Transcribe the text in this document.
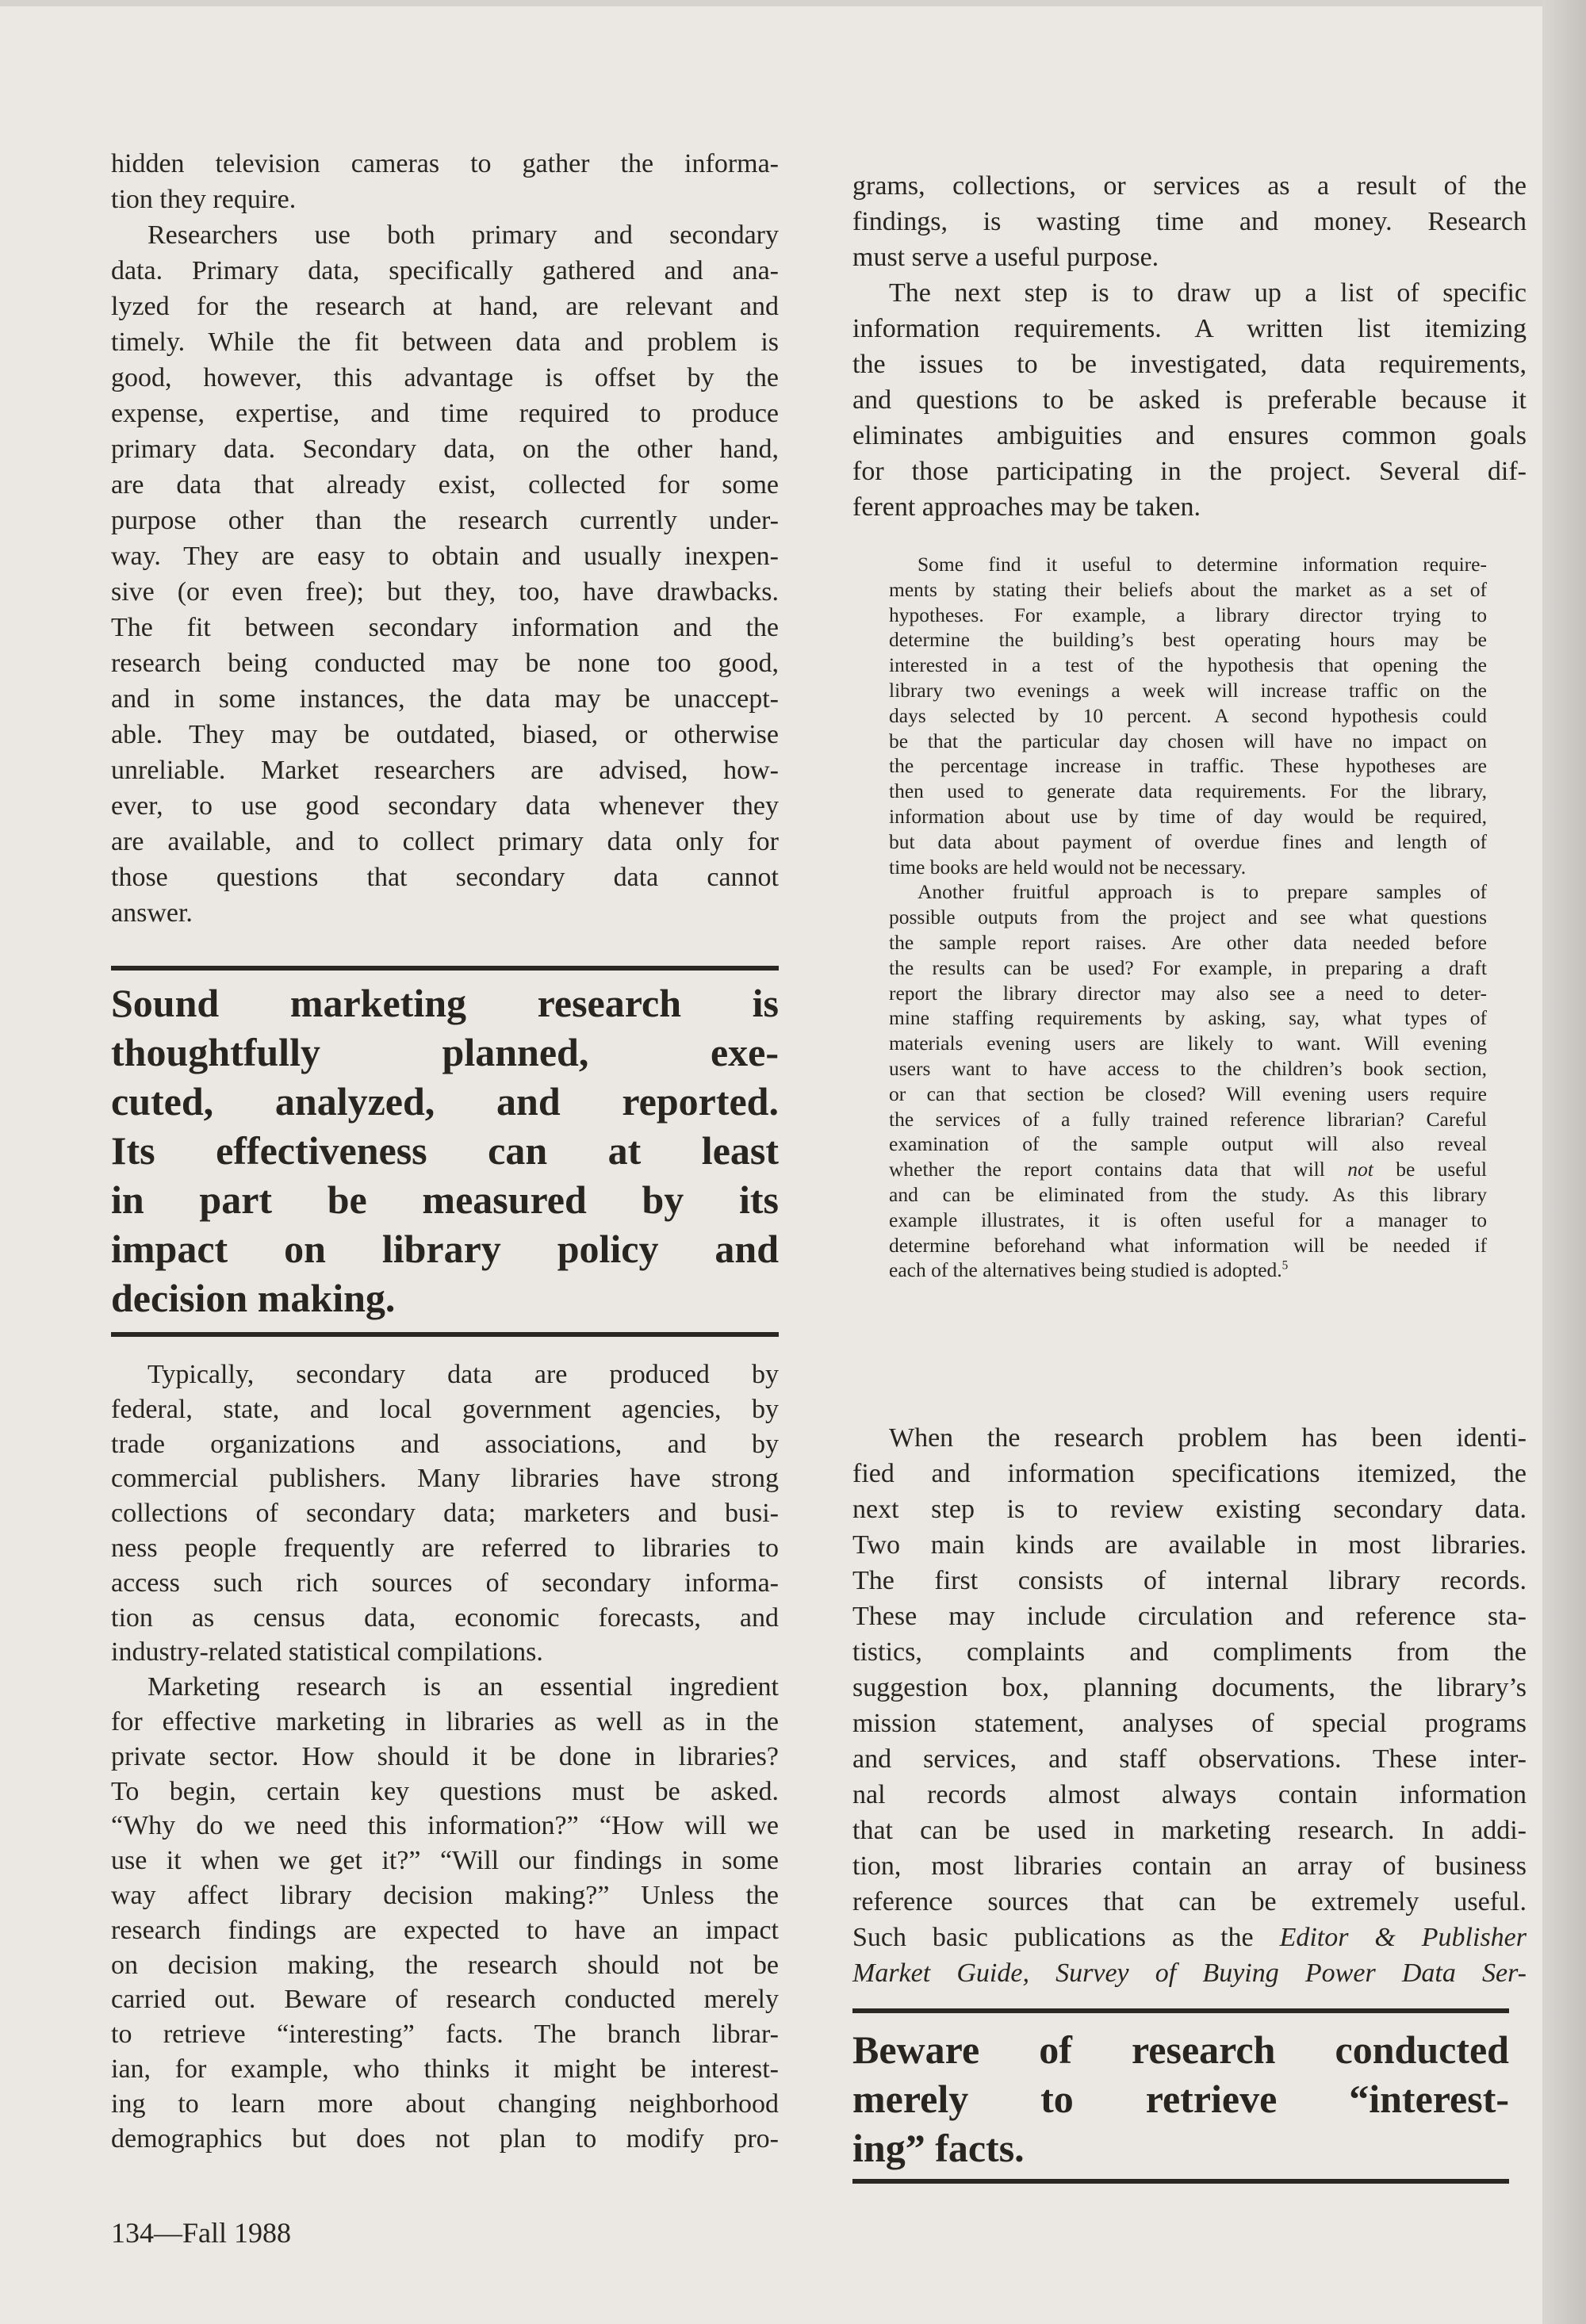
hidden television cameras to gather the informa-
tion they require.
Researchers use both primary and secondary
data. Primary data, specifically gathered and ana-
lyzed for the research at hand, are relevant and
timely. While the fit between data and problem is
good, however, this advantage is offset by the
expense, expertise, and time required to produce
primary data. Secondary data, on the other hand,
are data that already exist, collected for some
purpose other than the research currently under-
way. They are easy to obtain and usually inexpen-
sive (or even free); but they, too, have drawbacks.
The fit between secondary information and the
research being conducted may be none too good,
and in some instances, the data may be unaccept-
able. They may be outdated, biased, or otherwise
unreliable. Market researchers are advised, how-
ever, to use good secondary data whenever they
are available, and to collect primary data only for
those questions that secondary data cannot
answer.
Sound marketing research is
thoughtfully planned, exe-
cuted, analyzed, and reported.
Its effectiveness can at least
in part be measured by its
impact on library policy and
decision making.
Typically, secondary data are produced by
federal, state, and local government agencies, by
trade organizations and associations, and by
commercial publishers. Many libraries have strong
collections of secondary data; marketers and busi-
ness people frequently are referred to libraries to
access such rich sources of secondary informa-
tion as census data, economic forecasts, and
industry-related statistical compilations.
Marketing research is an essential ingredient
for effective marketing in libraries as well as in the
private sector. How should it be done in libraries?
To begin, certain key questions must be asked.
“Why do we need this information?” “How will we
use it when we get it?” “Will our findings in some
way affect library decision making?” Unless the
research findings are expected to have an impact
on decision making, the research should not be
carried out. Beware of research conducted merely
to retrieve “interesting” facts. The branch librar-
ian, for example, who thinks it might be interest-
ing to learn more about changing neighborhood
demographics but does not plan to modify pro-
grams, collections, or services as a result of the
findings, is wasting time and money. Research
must serve a useful purpose.
The next step is to draw up a list of specific
information requirements. A written list itemizing
the issues to be investigated, data requirements,
and questions to be asked is preferable because it
eliminates ambiguities and ensures common goals
for those participating in the project. Several dif-
ferent approaches may be taken.
Some find it useful to determine information require-
ments by stating their beliefs about the market as a set of
hypotheses. For example, a library director trying to
determine the building’s best operating hours may be
interested in a test of the hypothesis that opening the
library two evenings a week will increase traffic on the
days selected by 10 percent. A second hypothesis could
be that the particular day chosen will have no impact on
the percentage increase in traffic. These hypotheses are
then used to generate data requirements. For the library,
information about use by time of day would be required,
but data about payment of overdue fines and length of
time books are held would not be necessary.
Another fruitful approach is to prepare samples of
possible outputs from the project and see what questions
the sample report raises. Are other data needed before
the results can be used? For example, in preparing a draft
report the library director may also see a need to deter-
mine staffing requirements by asking, say, what types of
materials evening users are likely to want. Will evening
users want to have access to the children’s book section,
or can that section be closed? Will evening users require
the services of a fully trained reference librarian? Careful
examination of the sample output will also reveal
whether the report contains data that will not be useful
and can be eliminated from the study. As this library
example illustrates, it is often useful for a manager to
determine beforehand what information will be needed if
each of the alternatives being studied is adopted.$^5$
When the research problem has been identi-
fied and information specifications itemized, the
next step is to review existing secondary data.
Two main kinds are available in most libraries.
The first consists of internal library records.
These may include circulation and reference sta-
tistics, complaints and compliments from the
suggestion box, planning documents, the library’s
mission statement, analyses of special programs
and services, and staff observations. These inter-
nal records almost always contain information
that can be used in marketing research. In addi-
tion, most libraries contain an array of business
reference sources that can be extremely useful.
Such basic publications as the Editor & Publisher
Market Guide, Survey of Buying Power Data Ser-
Beware of research conducted
merely to retrieve “interest-
ing” facts.
134—Fall 1988
